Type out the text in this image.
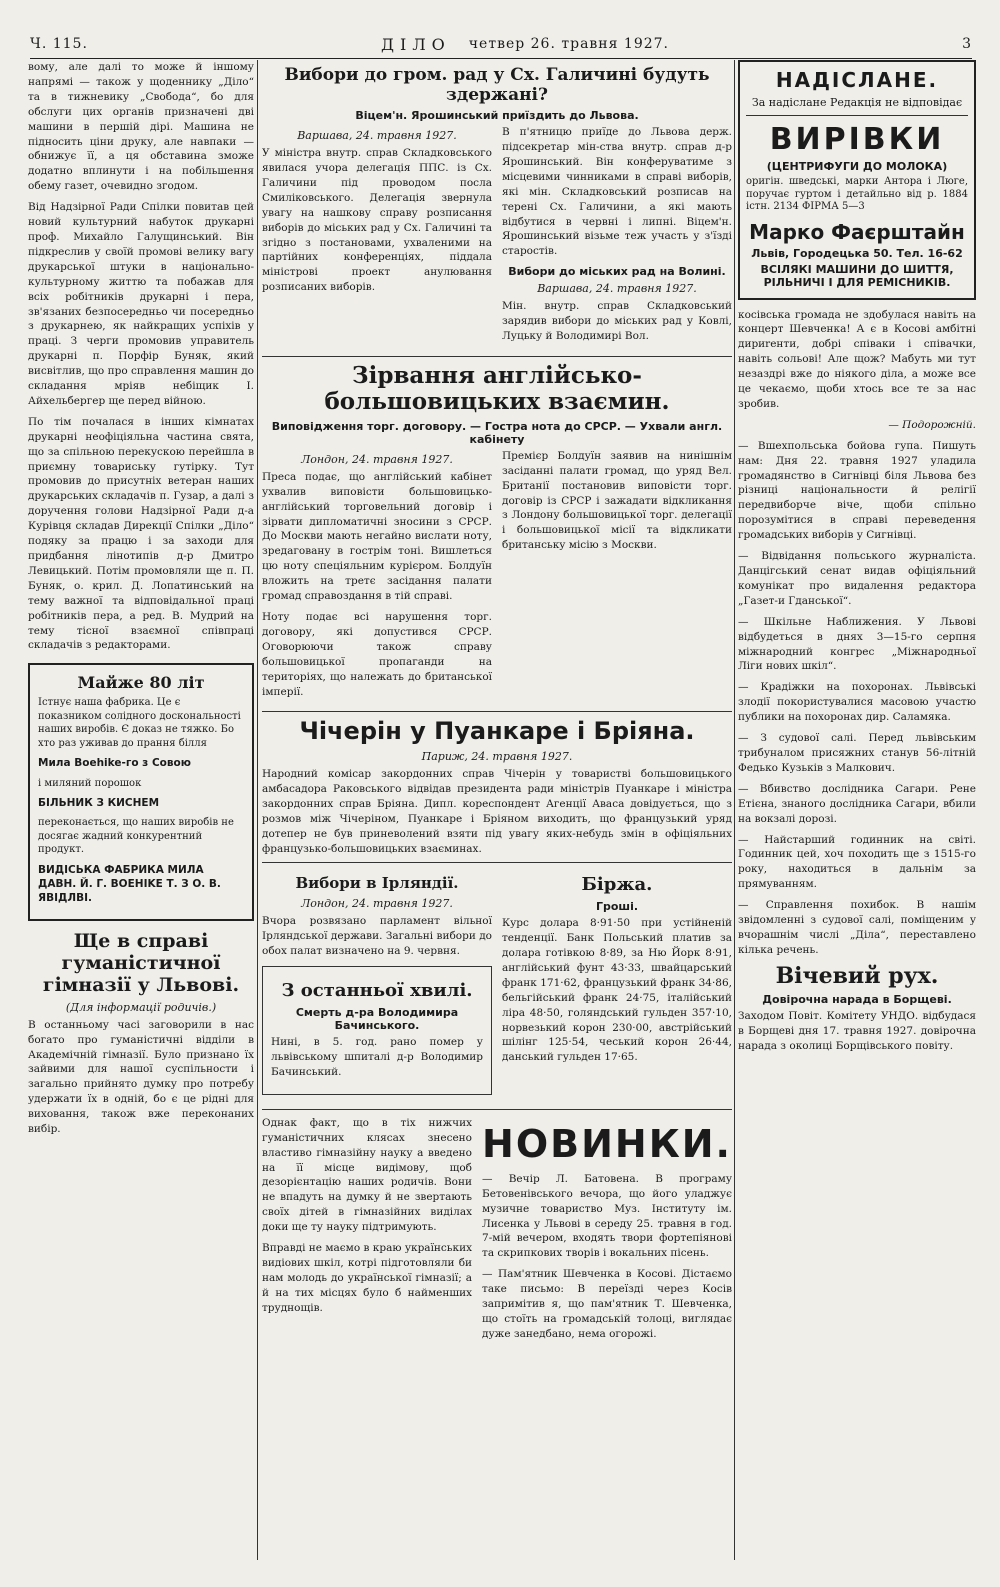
Ч. 115.	ДІЛО четвер 26. травня 1927.	3

вому, але далі то може й іншому напрямі — також у щоденнику „Діло“ та в тижневику „Свобода“, бо для обслуги цих органів призначені дві машини в першій дірі. Машина не підносить ціни друку, але навпаки — обнижує її, а ця обставина зможе додатно вплинути і на побільшення обему газет, очевидно згодом.

Від Надзірної Ради Спілки повитав цей новий культурний набуток друкарні проф. Михайло Галущинський. Він підкреслив у своїй промові велику вагу друкарської штуки в національно-культурному життю та побажав для всіх робітників друкарні і пера, зв'язаних безпосередньо чи посередньо з друкарнею, як найкращих успіхів у праці. З черги промовив управитель друкарні п. Порфір Буняк, який висвітлив, що про справлення машин до складання мріяв небіщик І. Айхельбергер ще перед війною.

По тім почалася в інших кімнатах друкарні неофіціяльна частина свята, що за спільною перекускою перейшла в приємну товариську гутірку. Тут промовив до присутніх ветеран наших друкарських складачів п. Гузар, а далі з доручення голови Надзірної Ради д-а Курівця складав Дирекції Спілки „Діло“ подяку за працю і за заходи для придбання лінотипів д-р Дмитро Левицький. Потім промовляли ще п. П. Буняк, о. крил. Д. Лопатинський на тему важної та відповідальної праці робітників пера, a ред. В. Мудрий на тему тісної взаємної співпраці складачів з редакторами.

Майже 80 літ

Істнує наша фабрика. Це є показником солідного доскональності наших виробів. Є доказ не тяжко. Бо хто раз уживав до прання білля

Мила Bоehike-го з Совою

і миляний порошок

БІЛЬНИК З КИСНЕМ

переконається, що наших виробів не досягає жадний конкурентний продукт.

ВИДІСЬКА ФАБРИКА МИЛА ДАВН. Й. Г. BOEHIKE Т. З О. В. ЯВІДЛВІ.

Ще в справі гуманістичної гімназії у Львові.
(Для інформації родичів.)

В останньому часі заговорили в нас богато про гуманістичні відділи в Академічній гімназії. Було признано їх зайвими для нашої суспільности і загально прийнято думку про потребу удержати їх в одній, бо є це рідні для виховання, також вже переконаних вибір.

Вибори до гром. рад у Сх. Галичині будуть здержані?
Віцем'н. Ярошинський приїздить до Львова.
Варшава, 24. травня 1927.

У міністра внутр. справ Складковського явилася учора делегація ППС. із Сх. Галичини під проводом посла Смиліковського. Делегація звернула увагу на нашкову справу розписання виборів до міських рад у Сх. Галичині та згідно з постановами, ухваленими на партійних конференціях, піддала міністрові проект анулювання розписаних виборів.

В п'ятницю приїде до Львова держ. підсекретар мін-ства внутр. справ д-р Ярошинський. Він конферуватиме з місцевими чинниками в справі виборів, які мін. Складковський розписав на терені Сх. Галичини, а які мають відбутися в червні і липні. Віцем'н. Ярошинський візьме теж участь у з'їзді старостів.

Вибори до міських рад на Волині.
Варшава, 24. травня 1927.

Мін. внутр. справ Складковський зарядив вибори до міських рад у Ковлі, Луцьку й Володимирі Вол.

Зірвання англійсько-большовицьких взаємин.
Виповідження торг. договору. — Гостра нота до СРСР. — Ухвали англ. кабінету
Лондон, 24. травня 1927.

Преса подає, що англійський кабінет ухвалив виповісти большовицько-англійський торговельний договір і зірвати дипломатичні зносини з СРСР. До Москви мають негайно вислати ноту, зредаговану в гострім тоні. Вишлеться цю ноту спеціяльним курієром. Болдуїн вложить на третє засідання палати громад справоздання в тій справі.

Ноту подає всі нарушення торг. договору, які допустився СРСР. Оговорюючи також справу большовицької пропаганди на територіях, що належать до британської імперії.

Премієр Болдуїн заявив на нинішнім засіданні палати громад, що уряд Вел. Британії постановив виповісти торг. договір із СРСР і зажадати відкликання з Лондону большовицької торг. делегації і большовицької місії та відкликати британську місію з Москви.

Чічерін у Пуанкаре і Бріяна.
Париж, 24. травня 1927.

Народний комісар закордонних справ Чічерін у товаристві большовицького амбасадора Раковського відвідав президента ради міністрів Пуанкаре і міністра закордонних справ Бріяна. Дипл. кореспондент Агенції Аваса довідується, що з розмов між Чічеріном, Пуанкаре і Бріяном виходить, що французький уряд дотепер не був приневолений взяти під увагу яких-небудь змін в офіціяльних французько-большовицьких взаєминах.

Вибори в Ірляндії.
Лондон, 24. травня 1927.

Вчора розвязано парламент вільної Ірляндської держави. Загальні вибори до обох палат визначено на 9. червня.

З останньої хвилі.
Смерть д-ра Володимира Бачинського.

Нині, в 5. год. рано помер у львівському шпиталі д-р Володимир Бачинський.

Біржа.
Гроші.

Курс долара 8·91·50 при устійненій тенденції. Банк Польський платив за долара готівкою 8·89, за Ню Йорк 8·91, англійський фунт 43·33, швайцарський франк 171·62, французький франк 34·86, бельгійський франк 24·75, італійський ліра 48·50, голяндський гульден 357·10, норвезький корон 230·00, австрійський шілінг 125·54, чеський корон 26·44, данський гульден 17·65.

Однак факт, що в тіх нижчих гуманістичних клясах знесено властиво гімназійну науку а введено на її місце видімову, щоб дезорієнтацію наших родичів. Вони не впадуть на думку й не звертають своїх дітей в гімназійних виділах доки ще ту науку підтримують.

Вправді не маємо в краю українських видіових шкіл, котрі підготовляли би нам молодь до української гімназії; а й на тих місцях було б найменших труднощів.

НОВИНКИ.

— Вечір Л. Батовена. В програму Бетовенівського вечора, що його уладжує музичне товариство Муз. Інституту ім. Лисенка у Львові в середу 25. травня в год. 7-мій вечером, входять твори фортепіянові та скрипкових творів і вокальних пісень.

— Пам'ятник Шевченка в Косові. Дістаємо таке письмо: В переїзді через Косів запримітив я, що пам'ятник Т. Шевченка, що стоїть на громадській толоці, виглядає дуже занедбано, нема огорожі.

НАДІСЛАНЕ.
За надіслане Редакція не відповідає
ВИРІВКИ
(ЦЕНТРИФУГИ ДО МОЛОКА)

оригін. шведські, марки Антора і Люге, поручає гуртом і детайльно від р. 1884 істн. 2134 ФІРМА 5—3

Марко Фаєрштайн
Львів, Городецька 50. Тел. 16-62
ВСІЛЯКІ МАШИНИ ДО ШИТТЯ, РІЛЬНИЧІ І ДЛЯ РЕМІСНИКІВ.

косівська громада не здобулася навіть на концерт Шевченка! А є в Косові амбітні дириrенти, добрі співаки і співачки, навіть сольові! Але щож? Мабуть ми тут незаздрі вже до ніякого діла, а може все це чекаємо, щоби хтось все те за нас зробив.

— Подорожній.

— Вшехпольська бойова гупа. Пишуть нам: Дня 22. травня 1927 уладила громадянство в Сигнівці біля Львова без різниці національности й релігії передвиборче віче, щоби спільно порозумітися в справі переведення громадських виборів у Сигнівці.

— Відвідання польського журналіста. Данцігський сенат видав офіціяльний комунікат про видалення редактора „Газет-и Гданської“.

— Шкільне Наближения. У Львові відбудеться в днях 3—15-го серпня міжнародний конгрес „Міжнародньої Ліги нових шкіл“.

— Крадіжки на похоронах. Львівські злодії покористувалися масовою участю публики на похоронах дир. Саламяка.

— З судової салі. Перед львівським трибуналом присяжних станув 56-літній Федько Кузьків з Малкович.

— Вбивство дослідника Сагари. Рене Етієна, знаного дослідника Сагари, вбили на вокзалі дорозі.

— Найстарший годинник на світі. Годинник цей, хоч походить ще з 1515-го року, находиться в дальнім за прямуванням.

— Справлення похибок. В нашім звідомленні з судової салі, поміщеним у вчорашнім числі „Діла“, переставлено кілька речень.

Вічевий рух.
Довірочна нарада в Борщеві.

Заходом Повіт. Комітету УНДО. відбудася в Борщеві дня 17. травня 1927. довірочна нарада з околиці Борщівського повіту.
